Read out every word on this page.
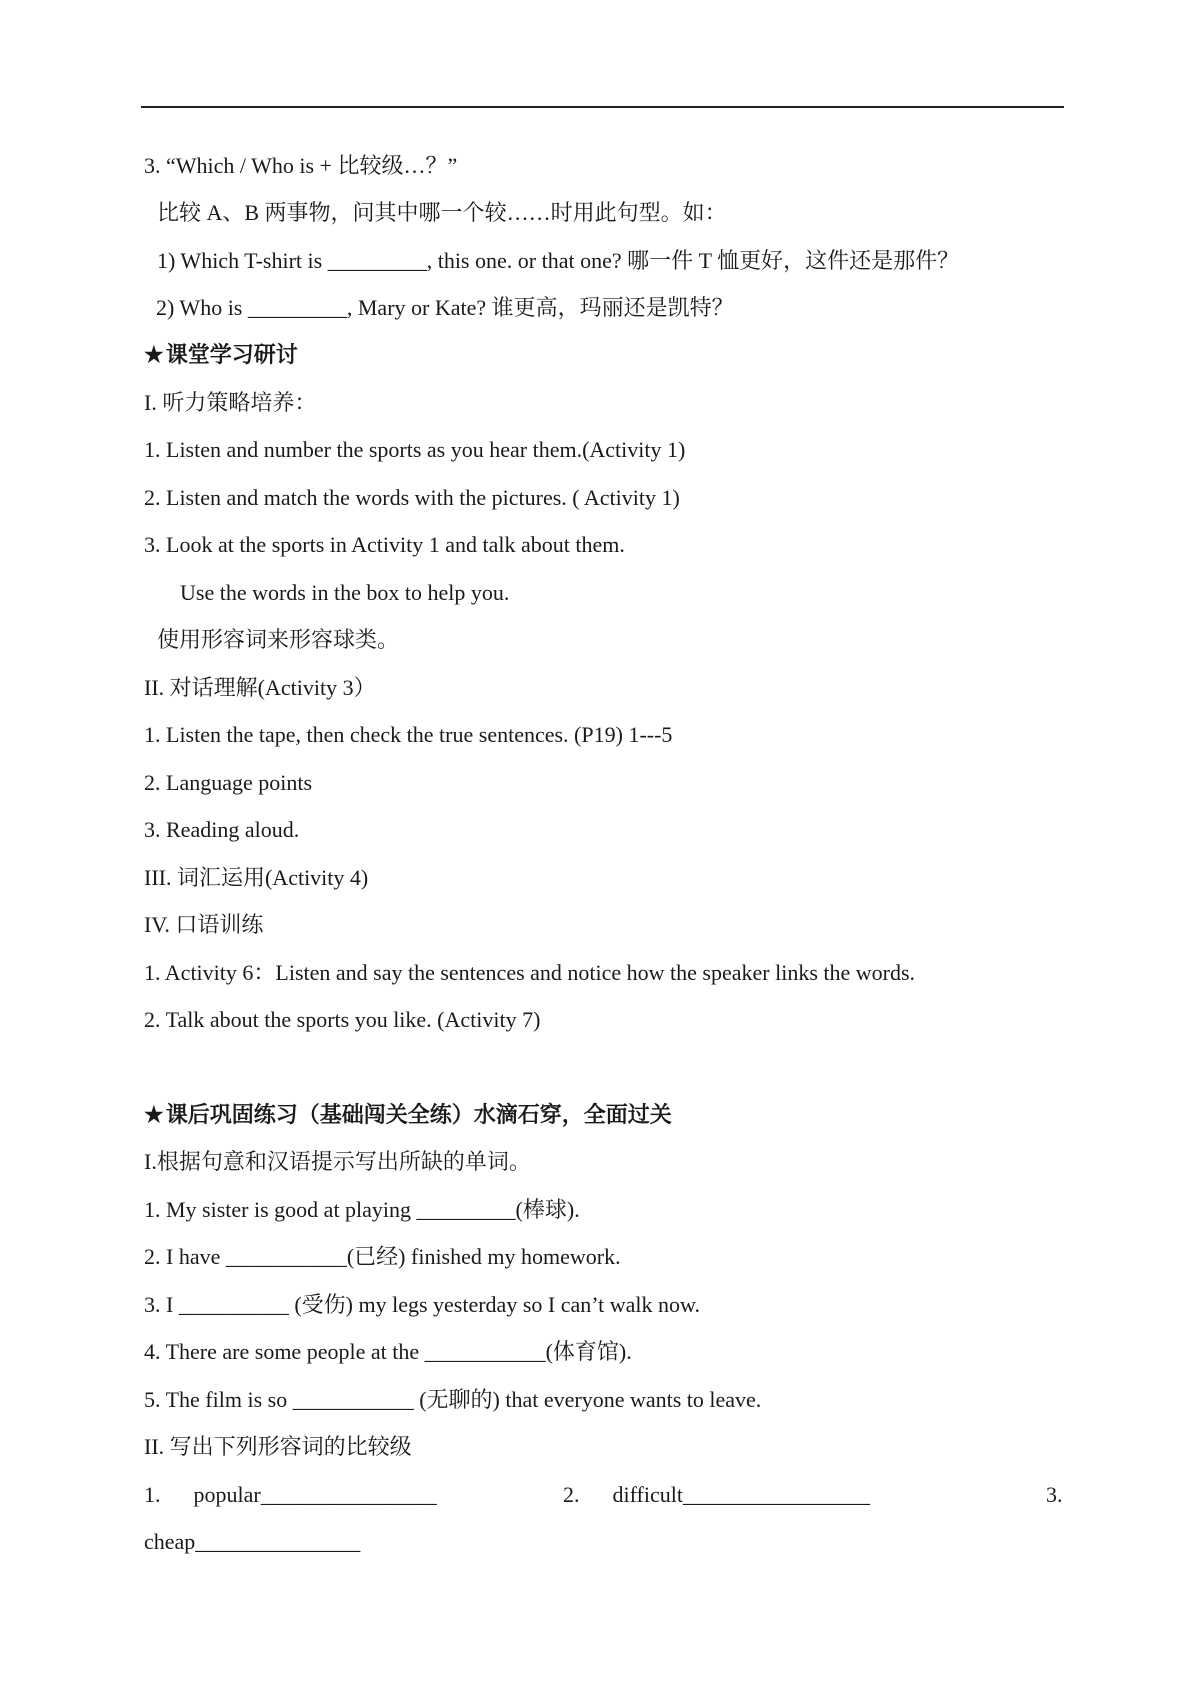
3. “Which / Who is + 比较级…？”
比较 A、B 两事物，问其中哪一个较……时用此句型。如：
1) Which T-shirt is _________, this one. or that one? 哪一件 T 恤更好，这件还是那件？
2) Who is _________, Mary or Kate? 谁更高，玛丽还是凯特？
★课堂学习研讨
I. 听力策略培养：
1. Listen and number the sports as you hear them.(Activity 1)
2. Listen and match the words with the pictures. ( Activity 1)
3. Look at the sports in Activity 1 and talk about them.
Use the words in the box to help you.
使用形容词来形容球类。
II. 对话理解(Activity 3）
1. Listen the tape, then check the true sentences. (P19) 1---5
2. Language points
3. Reading aloud.
III. 词汇运用(Activity 4)
IV. 口语训练
1. Activity 6：Listen and say the sentences and notice how the speaker links the words.
2. Talk about the sports you like. (Activity 7)
★课后巩固练习（基础闯关全练）水滴石穿，全面过关
I.根据句意和汉语提示写出所缺的单词。
1. My sister is good at playing _________(棒球).
2. I have ___________(已经) finished my homework.
3. I __________ (受伤) my legs yesterday so I can’t walk now.
4. There are some people at the ___________(体育馆).
5. The film is so ___________ (无聊的) that everyone wants to leave.
II. 写出下列形容词的比较级
1.      popular________________	2.      difficult_________________	3.
cheap_______________
